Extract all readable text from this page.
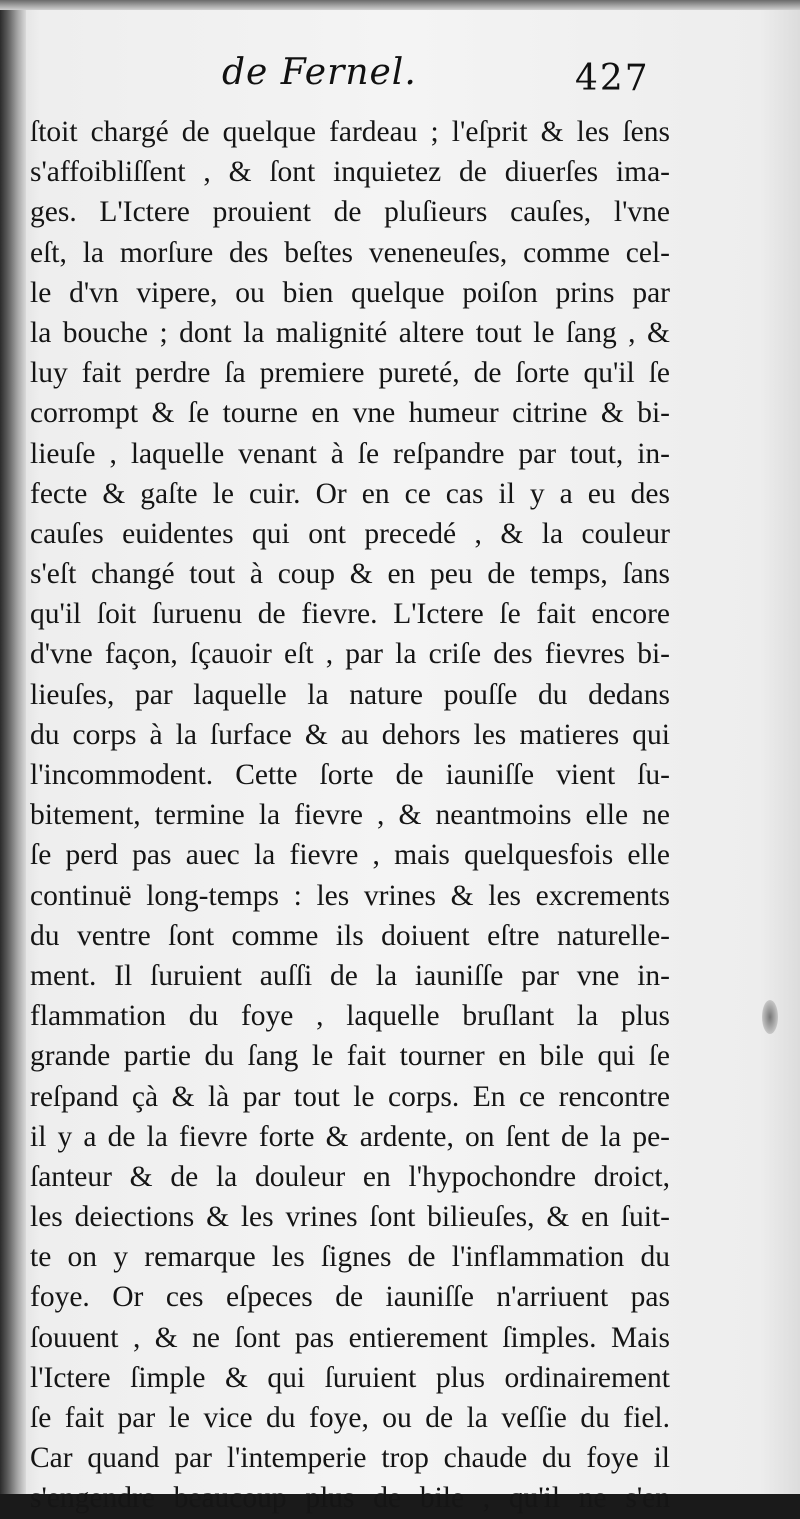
de Fernel.	427
ſtoit chargé de quelque fardeau ; l'eſprit & les ſens
s'affoibliſſent , & ſont inquietez de diuerſes ima-
ges. L'Ictere prouient de pluſieurs cauſes, l'vne
eſt, la morſure des beſtes veneneuſes, comme cel-
le d'vn vipere, ou bien quelque poiſon prins par
la bouche ; dont la malignité altere tout le ſang , &
luy fait perdre ſa premiere pureté, de ſorte qu'il ſe
corrompt & ſe tourne en vne humeur citrine & bi-
lieuſe , laquelle venant à ſe reſpandre par tout, in-
fecte & gaſte le cuir. Or en ce cas il y a eu des
cauſes euidentes qui ont precedé , & la couleur
s'eſt changé tout à coup & en peu de temps, ſans
qu'il ſoit ſuruenu de fievre. L'Ictere ſe fait encore
d'vne façon, ſçauoir eſt , par la criſe des fievres bi-
lieuſes, par laquelle la nature pouſſe du dedans
du corps à la ſurface & au dehors les matieres qui
l'incommodent. Cette ſorte de iauniſſe vient ſu-
bitement, termine la fievre , & neantmoins elle ne
ſe perd pas auec la fievre , mais quelquesfois elle
continuë long-temps : les vrines & les excrements
du ventre ſont comme ils doiuent eſtre naturelle-
ment. Il ſuruient auſſi de la iauniſſe par vne in-
flammation du foye , laquelle bruſlant la plus
grande partie du ſang le fait tourner en bile qui ſe
reſpand çà & là par tout le corps. En ce rencontre
il y a de la fievre forte & ardente, on ſent de la pe-
ſanteur & de la douleur en l'hypochondre droict,
les deiections & les vrines ſont bilieuſes, & en ſuit-
te on y remarque les ſignes de l'inflammation du
foye. Or ces eſpeces de iauniſſe n'arriuent pas
ſouuent , & ne ſont pas entierement ſimples. Mais
l'Ictere ſimple & qui ſuruient plus ordinairement
ſe fait par le vice du foye, ou de la veſſie du fiel.
Car quand par l'intemperie trop chaude du foye il
s'engendre beaucoup plus de bile , qu'il ne s'en
